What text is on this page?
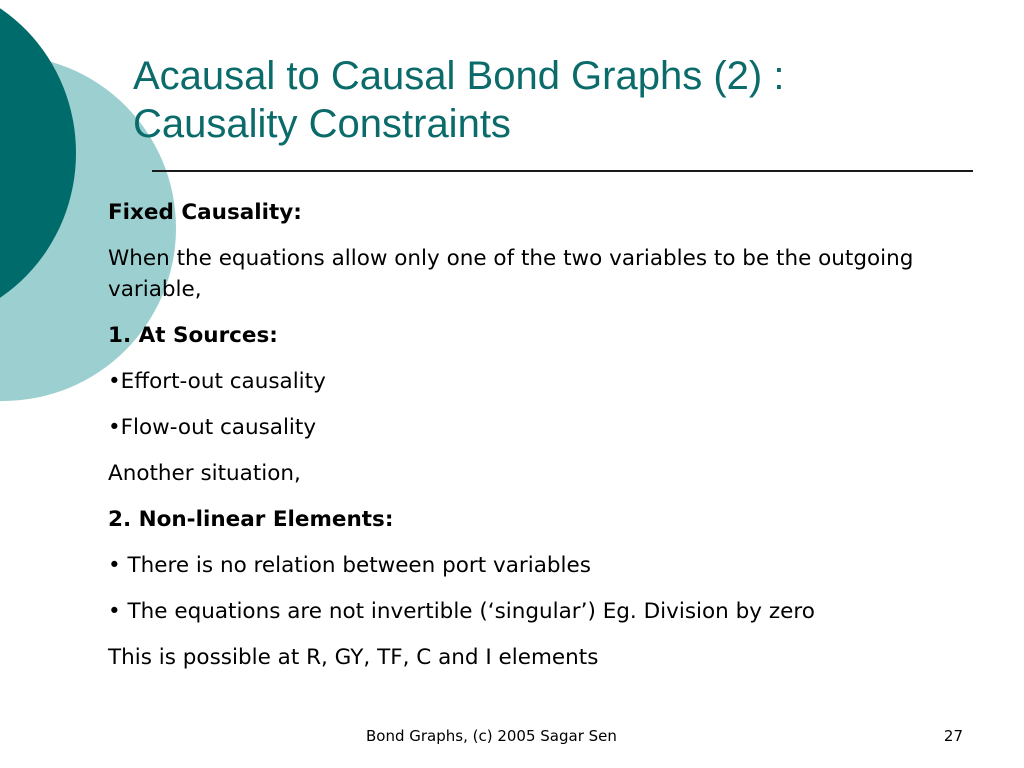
Acausal to Causal Bond Graphs (2) :
Causality Constraints

Fixed Causality:

When the equations allow only one of the two variables to be the outgoing variable,

1. At Sources:

•Effort-out causality

•Flow-out causality

Another situation,

2. Non-linear Elements:

• There is no relation between port variables

• The equations are not invertible (‘singular’) Eg. Division by zero

This is possible at R, GY, TF, C and I elements

Bond Graphs, (c) 2005 Sagar Sen	27
